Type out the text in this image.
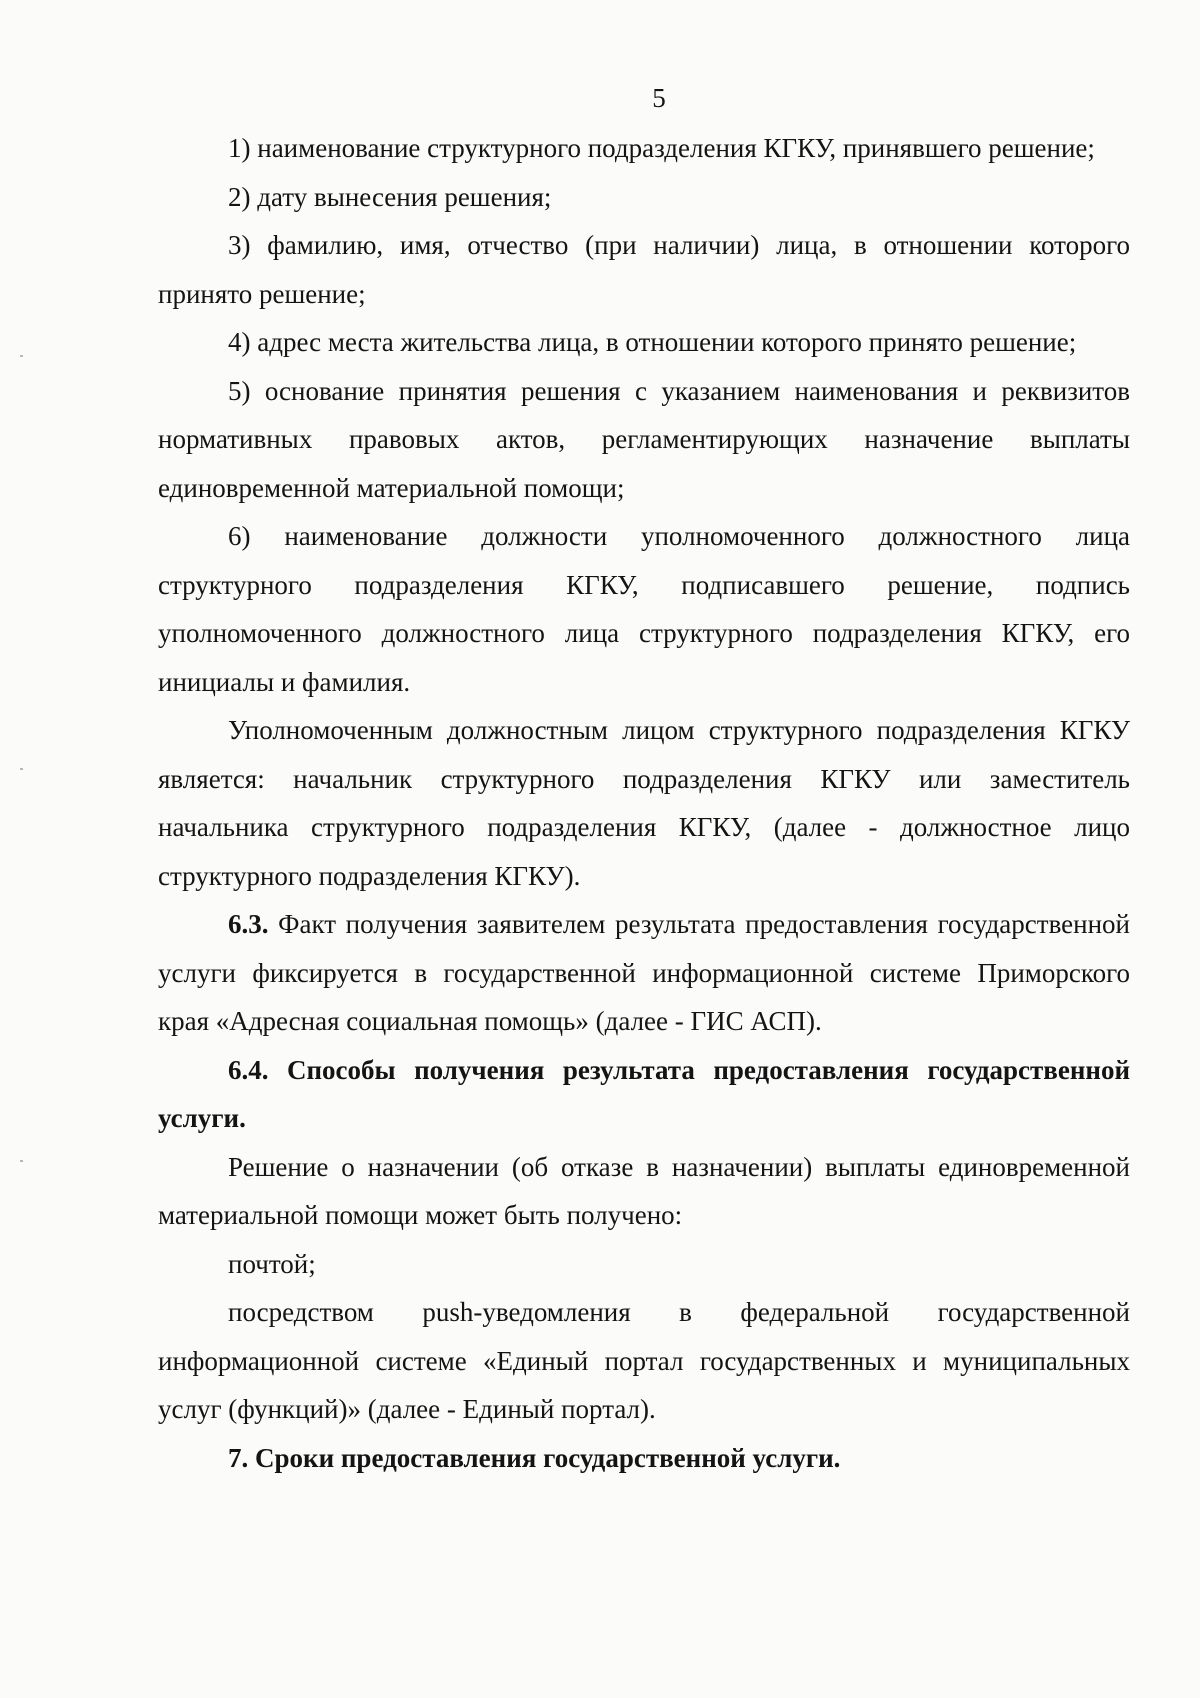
5

1) наименование структурного подразделения КГКУ, принявшего решение;

2) дату вынесения решения;

3) фамилию, имя, отчество (при наличии) лица, в отношении которого принято решение;

4) адрес места жительства лица, в отношении которого принято решение;

5) основание принятия решения с указанием наименования и реквизитов нормативных правовых актов, регламентирующих назначение выплаты единовременной материальной помощи;

6) наименование должности уполномоченного должностного лица структурного подразделения КГКУ, подписавшего решение, подпись уполномоченного должностного лица структурного подразделения КГКУ, его инициалы и фамилия.

Уполномоченным должностным лицом структурного подразделения КГКУ является: начальник структурного подразделения КГКУ или заместитель начальника структурного подразделения КГКУ, (далее - должностное лицо структурного подразделения КГКУ).

6.3. Факт получения заявителем результата предоставления государственной услуги фиксируется в государственной информационной системе Приморского края «Адресная социальная помощь» (далее - ГИС АСП).

6.4. Способы получения результата предоставления государственной услуги.

Решение о назначении (об отказе в назначении) выплаты единовременной материальной помощи может быть получено:

почтой;

посредством push-уведомления в федеральной государственной информационной системе «Единый портал государственных и муниципальных услуг (функций)» (далее - Единый портал).

7. Сроки предоставления государственной услуги.
